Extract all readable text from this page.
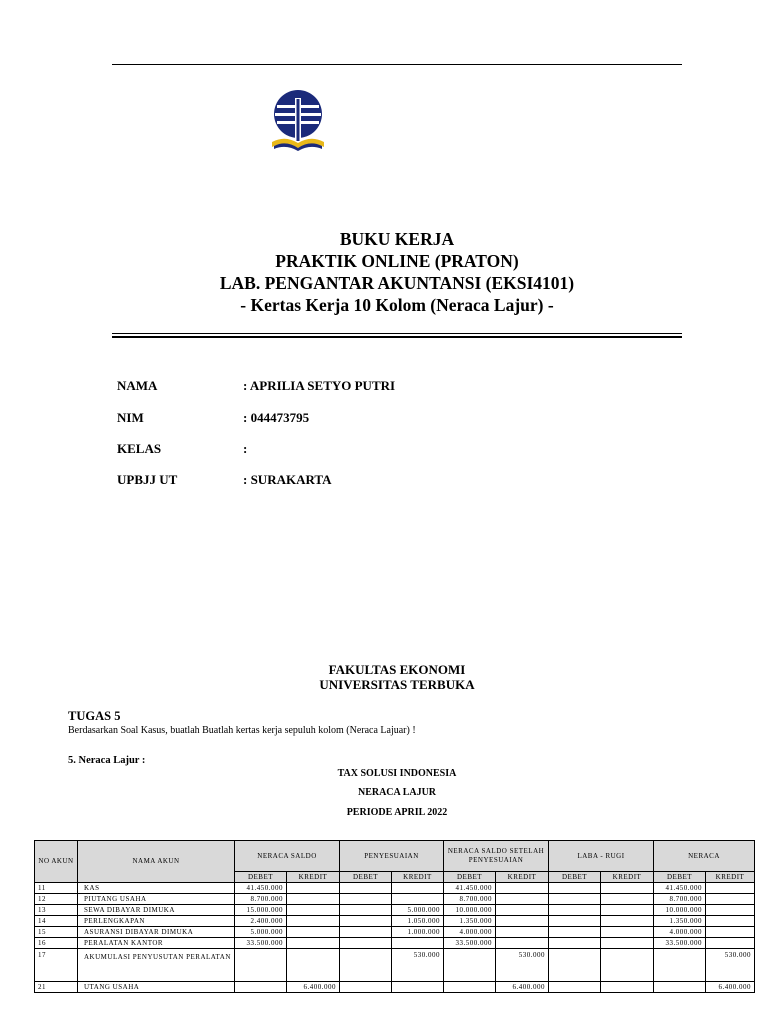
BUKU KERJA
PRAKTIK ONLINE (PRATON)
LAB. PENGANTAR AKUNTANSI (EKSI4101)
- Kertas Kerja 10 Kolom (Neraca Lajur) -
NAMA	: APRILIA SETYO PUTRI
NIM	: 044473795
KELAS	:
UPBJJ UT	: SURAKARTA
FAKULTAS EKONOMI
UNIVERSITAS TERBUKA
TUGAS 5
Berdasarkan Soal Kasus, buatlah Buatlah kertas kerja sepuluh kolom (Neraca Lajuar) !
5. Neraca Lajur :
TAX SOLUSI INDONESIA
NERACA LAJUR
PERIODE APRIL 2022
NO AKUN	NAMA AKUN	NERACA SALDO		PENYESUAIAN		NERACA SALDO SETELAH PENYESUAIAN		LABA - RUGI		NERACA	
		DEBET	KREDIT	DEBET	KREDIT	DEBET	KREDIT	DEBET	KREDIT	DEBET	KREDIT
11	KAS	41.450.000				41.450.000				41.450.000	
12	PIUTANG USAHA	8.700.000				8.700.000				8.700.000	
13	SEWA DIBAYAR DIMUKA	15.000.000			5.000.000	10.000.000				10.000.000	
14	PERLENGKAPAN	2.400.000			1.050.000	1.350.000				1.350.000	
15	ASURANSI DIBAYAR DIMUKA	5.000.000			1.000.000	4.000.000				4.000.000	
16	PERALATAN KANTOR	33.500.000				33.500.000				33.500.000	
17	AKUMULASI PENYUSUTAN PERALATAN				530.000		530.000				530.000
21	UTANG USAHA		6.400.000				6.400.000				6.400.000
